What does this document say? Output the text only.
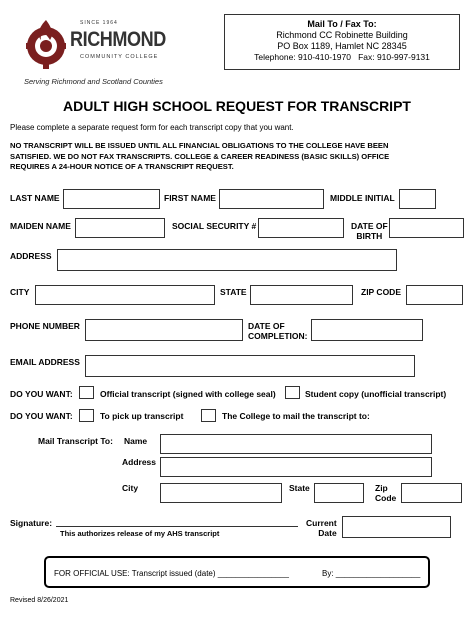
SINCE 1964
RICHMOND
COMMUNITY COLLEGE
Serving Richmond and Scotland Counties
Mail To / Fax To:
Richmond CC Robinette Building
PO Box 1189, Hamlet NC 28345
Telephone: 910-410-1970   Fax: 910-997-9131
ADULT HIGH SCHOOL REQUEST FOR TRANSCRIPT
Please complete a separate request form for each transcript copy that you want.
NO TRANSCRIPT WILL BE ISSUED UNTIL ALL FINANCIAL OBLIGATIONS TO THE COLLEGE HAVE BEEN
SATISFIED. WE DO NOT FAX TRANSCRIPTS. COLLEGE & CAREER READINESS (BASIC SKILLS) OFFICE
REQUIRES A 24-HOUR NOTICE OF A TRANSCRIPT REQUEST.
LAST NAME	FIRST NAME	MIDDLE INITIAL
MAIDEN NAME	SOCIAL SECURITY #	DATE OF
BIRTH
ADDRESS
CITY	STATE	ZIP CODE
PHONE NUMBER	DATE OF
COMPLETION:
EMAIL ADDRESS
DO YOU WANT:	Official transcript (signed with college seal)	Student copy (unofficial transcript)
DO YOU WANT:	To pick up transcript	The College to mail the transcript to:
Mail Transcript To: Name
Address
City	State	Zip
Code
Signature:
This authorizes release of my AHS transcript
Current
Date
FOR OFFICIAL USE: Transcript issued (date) ________________	By: ___________________
Revised 8/26/2021
